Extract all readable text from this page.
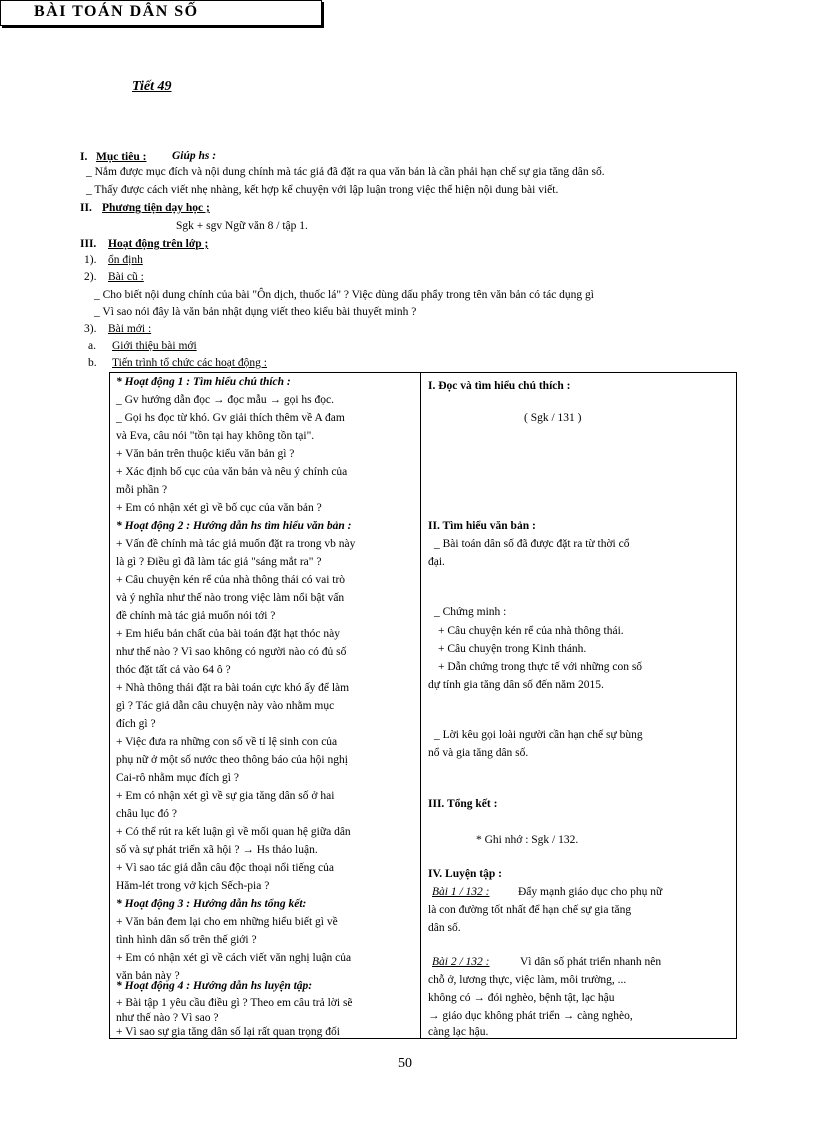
Tiết 49
BÀI TOÁN DÂN SỐ
I. Mục tiêu : Giúp hs :
_ Nắm được mục đích và nội dung chính mà tác giả đã đặt ra qua văn bản là cần phải hạn chế sự gia tăng dân số.
_ Thấy được cách viết nhẹ nhàng, kết hợp kể chuyện với lập luận trong việc thể hiện nội dung bài viết.
II. Phương tiện dạy học ;
Sgk + sgv Ngữ văn 8 / tập 1.
III. Hoạt động trên lớp ;
1). ổn định
2). Bài cũ :
_ Cho biết nội dung chính của bài "Ôn dịch, thuốc lá" ? Việc dùng dấu phẩy trong tên văn bản có tác dụng gì
_ Vì sao nói đây là văn bản nhật dụng viết theo kiểu bài thuyết minh ?
3). Bài mới :
a. Giới thiệu bài mới
b. Tiến trình tổ chức các hoạt động :
* Hoạt động 1 : Tìm hiểu chú thích :
_ Gv hướng dẫn đọc → đọc mẫu → gọi hs đọc.
_ Gọi hs đọc từ khó. Gv giải thích thêm về A đam
và Eva, câu nói "tồn tại hay không tồn tại".
+ Văn bản trên thuộc kiểu văn bản gì ?
+ Xác định bố cục của văn bản và nêu ý chính của
mỗi phần ?
+ Em có nhận xét gì về bố cục của văn bản ?
* Hoạt động 2 : Hướng dẫn hs tìm hiểu văn bản :
+ Vấn đề chính mà tác giả muốn đặt ra trong vb này
là gì ? Điều gì đã làm tác giả "sáng mắt ra" ?
+ Câu chuyện kén rể của nhà thông thái có vai trò
và ý nghĩa như thế nào trong việc làm nổi bật vấn
đề chính mà tác giả muốn nói tới ?
+ Em hiểu bản chất của bài toán đặt hạt thóc này
như thế nào ? Vì sao không có người nào có đủ số
thóc đặt tất cả vào 64 ô ?
+ Nhà thông thái đặt ra bài toán cực khó ấy để làm
gì ? Tác giả dẫn câu chuyện này vào nhằm mục
đích gì ?
+ Việc đưa ra những con số về tỉ lệ sinh con của
phụ nữ ở một số nước theo thông báo của hội nghị
Cai-rô nhằm mục đích gì ?
+ Em có nhận xét gì về sự gia tăng dân số ở hai
châu lục đó ?
+ Có thể rút ra kết luận gì về mối quan hệ giữa dân
số và sự phát triển xã hội ? → Hs thảo luận.
+ Vì sao tác giả dẫn câu độc thoại nổi tiếng của
Hăm-lét trong vở kịch Sếch-pia ?
* Hoạt động 3 : Hướng dẫn hs tổng kết:
+ Văn bản đem lại cho em những hiểu biết gì về
tình hình dân số trên thế giới ?
+ Em có nhận xét gì về cách viết văn nghị luận của
văn bản này ?
* Hoạt động 4 : Hướng dẫn hs luyện tập:
+ Bài tập 1 yêu cầu điều gì ? Theo em câu trả lời sẽ
như thế nào ? Vì sao ?
+ Vì sao sự gia tăng dân số lại rất quan trọng đối
I. Đọc và tìm hiểu chú thích :
( Sgk / 131 )
II. Tìm hiểu văn bản :
_ Bài toán dân số đã được đặt ra từ thời cổ
đại.
_ Chứng minh :
+ Câu chuyện kén rể của nhà thông thái.
+ Câu chuyện trong Kinh thánh.
+ Dẫn chứng trong thực tế với những con số
dự tính gia tăng dân số đến năm 2015.
_ Lời kêu gọi loài người cần hạn chế sự bùng
nổ và gia tăng dân số.
III. Tổng kết :
* Ghi nhớ : Sgk / 132.
IV. Luyện tập :
Bài 1 / 132 : Đẩy mạnh giáo dục cho phụ nữ
là con đường tốt nhất để hạn chế sự gia tăng
dân số.
Bài 2 / 132 :	Vì dân số phát triển nhanh nên
chỗ ở, lương thực, việc làm, môi trường, ...
không có → đói nghèo, bệnh tật, lạc hậu
→ giáo dục không phát triển → càng nghèo,
càng lạc hậu.
50
